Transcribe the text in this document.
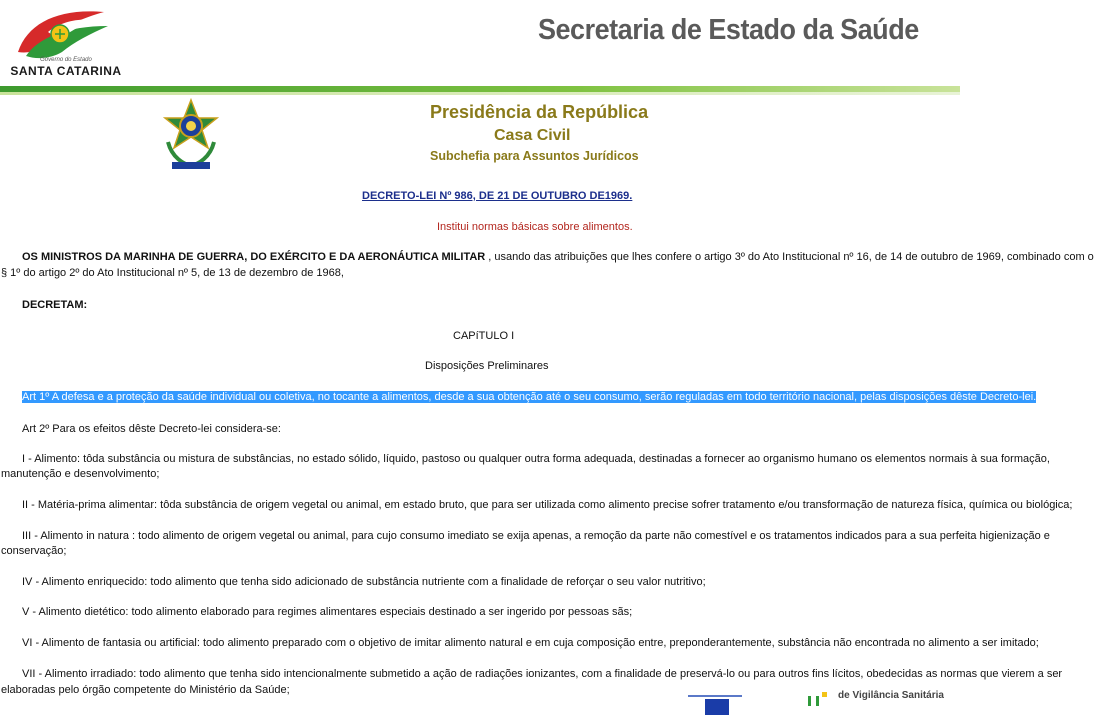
Governo do Estado
SANTA CATARINA
Secretaria de Estado da Saúde
Presidência da República
Casa Civil
Subchefia para Assuntos Jurídicos
DECRETO-LEI Nº 986, DE 21 DE OUTUBRO DE1969.
Institui normas básicas sobre alimentos.
OS MINISTROS DA MARINHA DE GUERRA, DO EXÉRCITO E DA AERONÁUTICA MILITAR , usando das atribuições que lhes confere o artigo 3º do Ato Institucional nº 16, de 14 de outubro de 1969, combinado com o
§ 1º do artigo 2º do Ato Institucional nº 5, de 13 de dezembro de 1968,
DECRETAM:
CAPíTULO I
Disposições Preliminares
Art 1º A defesa e a proteção da saúde individual ou coletiva, no tocante a alimentos, desde a sua obtenção até o seu consumo, serão reguladas em todo território nacional, pelas disposições dêste Decreto-lei.
Art 2º Para os efeitos dêste Decreto-lei considera-se:
I - Alimento: tôda substância ou mistura de substâncias, no estado sólido, líquido, pastoso ou qualquer outra forma adequada, destinadas a fornecer ao organismo humano os elementos normais à sua formação,
manutenção e desenvolvimento;
II - Matéria-prima alimentar: tôda substância de origem vegetal ou animal, em estado bruto, que para ser utilizada como alimento precise sofrer tratamento e/ou transformação de natureza física, química ou biológica;
III - Alimento in natura : todo alimento de origem vegetal ou animal, para cujo consumo imediato se exija apenas, a remoção da parte não comestível e os tratamentos indicados para a sua perfeita higienização e
conservação;
IV - Alimento enriquecido: todo alimento que tenha sido adicionado de substância nutriente com a finalidade de reforçar o seu valor nutritivo;
V - Alimento dietético: todo alimento elaborado para regimes alimentares especiais destinado a ser ingerido por pessoas sãs;
VI - Alimento de fantasia ou artificial: todo alimento preparado com o objetivo de imitar alimento natural e em cuja composição entre, preponderantemente, substância não encontrada no alimento a ser imitado;
VII - Alimento irradiado: todo alimento que tenha sido intencionalmente submetido a ação de radiações ionizantes, com a finalidade de preservá-lo ou para outros fins lícitos, obedecidas as normas que vierem a ser
elaboradas pelo órgão competente do Ministério da Saúde;	de Vigilância Sanitária
